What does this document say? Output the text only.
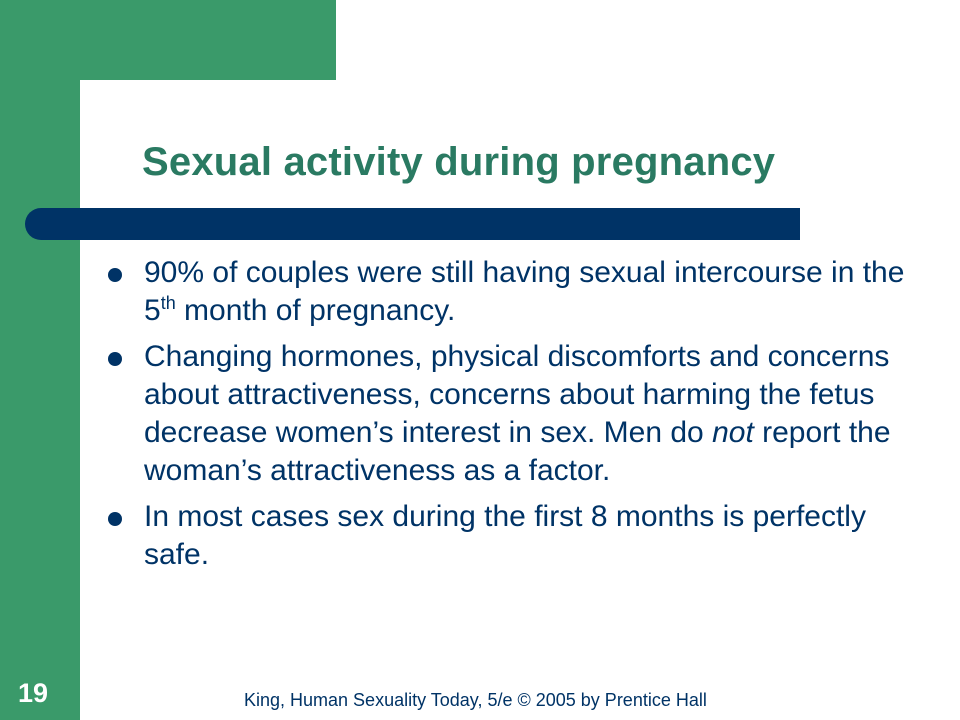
Sexual activity during pregnancy
90% of couples were still having sexual intercourse in the 5th month of pregnancy.
Changing hormones, physical discomforts and concerns about attractiveness, concerns about harming the fetus decrease women’s interest in sex. Men do not report the woman’s attractiveness as a factor.
In most cases sex during the first 8 months is perfectly safe.
19	King, Human Sexuality Today, 5/e © 2005 by Prentice Hall
